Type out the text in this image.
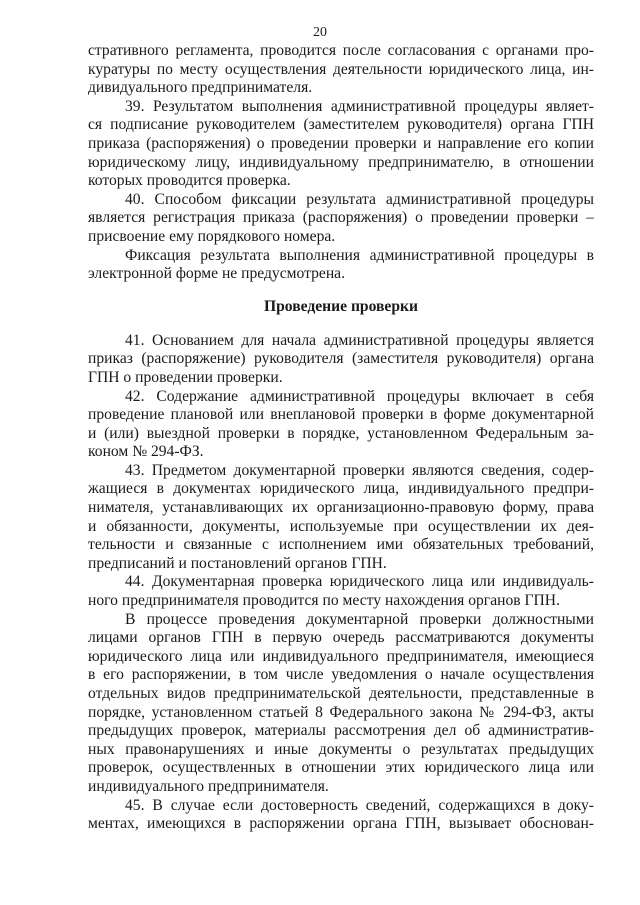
20
стративного регламента, проводится после согласования с органами про-
куратуры по месту осуществления деятельности юридического лица, ин-
дивидуального предпринимателя.
39. Результатом выполнения административной процедуры являет-
ся подписание руководителем (заместителем руководителя) органа ГПН
приказа (распоряжения) о проведении проверки и направление его копии
юридическому лицу, индивидуальному предпринимателю, в отношении
которых проводится проверка.
40. Способом фиксации результата административной процедуры
является регистрация приказа (распоряжения) о проведении проверки –
присвоение ему порядкового номера.
Фиксация результата выполнения административной процедуры в
электронной форме не предусмотрена.
Проведение проверки
41. Основанием для начала административной процедуры является
приказ (распоряжение) руководителя (заместителя руководителя) органа
ГПН о проведении проверки.
42. Содержание административной процедуры включает в себя
проведение плановой или внеплановой проверки в форме документарной
и (или) выездной проверки в порядке, установленном Федеральным за-
коном № 294-ФЗ.
43. Предметом документарной проверки являются сведения, содер-
жащиеся в документах юридического лица, индивидуального предпри-
нимателя, устанавливающих их организационно-правовую форму, права
и обязанности, документы, используемые при осуществлении их дея-
тельности и связанные с исполнением ими обязательных требований,
предписаний и постановлений органов ГПН.
44. Документарная проверка юридического лица или индивидуаль-
ного предпринимателя проводится по месту нахождения органов ГПН.
В процессе проведения документарной проверки должностными
лицами органов ГПН в первую очередь рассматриваются документы
юридического лица или индивидуального предпринимателя, имеющиеся
в его распоряжении, в том числе уведомления о начале осуществления
отдельных видов предпринимательской деятельности, представленные в
порядке, установленном статьей 8 Федерального закона № 294-ФЗ, акты
предыдущих проверок, материалы рассмотрения дел об административ-
ных правонарушениях и иные документы о результатах предыдущих
проверок, осуществленных в отношении этих юридического лица или
индивидуального предпринимателя.
45. В случае если достоверность сведений, содержащихся в доку-
ментах, имеющихся в распоряжении органа ГПН, вызывает обоснован-
